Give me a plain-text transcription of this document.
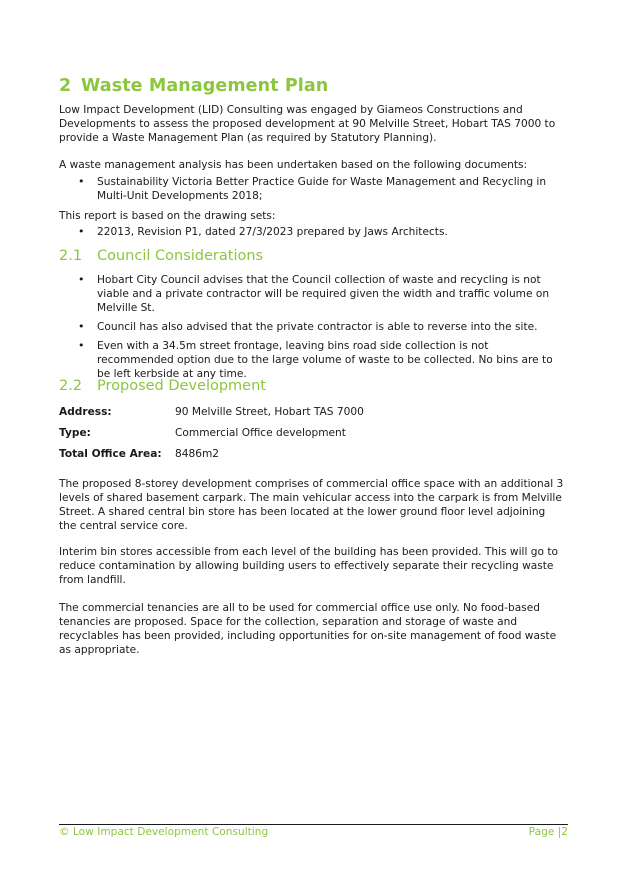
2 Waste Management Plan

Low Impact Development (LID) Consulting was engaged by Giameos Constructions and Developments to assess the proposed development at 90 Melville Street, Hobart TAS 7000 to provide a Waste Management Plan (as required by Statutory Planning).

A waste management analysis has been undertaken based on the following documents:

• Sustainability Victoria Better Practice Guide for Waste Management and Recycling in Multi-Unit Developments 2018;

This report is based on the drawing sets:

• 22013, Revision P1, dated 27/3/2023 prepared by Jaws Architects.
2.1 Council Considerations
• Hobart City Council advises that the Council collection of waste and recycling is not viable and a private contractor will be required given the width and traffic volume on Melville St.
• Council has also advised that the private contractor is able to reverse into the site.
• Even with a 34.5m street frontage, leaving bins road side collection is not recommended option due to the large volume of waste to be collected. No bins are to be left kerbside at any time.
2.2 Proposed Development
Address:	90 Melville Street, Hobart TAS 7000
Type:	Commercial Office development
Total Office Area: 8486m2

The proposed 8-storey development comprises of commercial office space with an additional 3 levels of shared basement carpark. The main vehicular access into the carpark is from Melville Street. A shared central bin store has been located at the lower ground floor level adjoining the central service core.

Interim bin stores accessible from each level of the building has been provided. This will go to reduce contamination by allowing building users to effectively separate their recycling waste from landfill.

The commercial tenancies are all to be used for commercial office use only. No food-based tenancies are proposed. Space for the collection, separation and storage of waste and recyclables has been provided, including opportunities for on-site management of food waste as appropriate.

© Low Impact Development Consulting	Page |2
